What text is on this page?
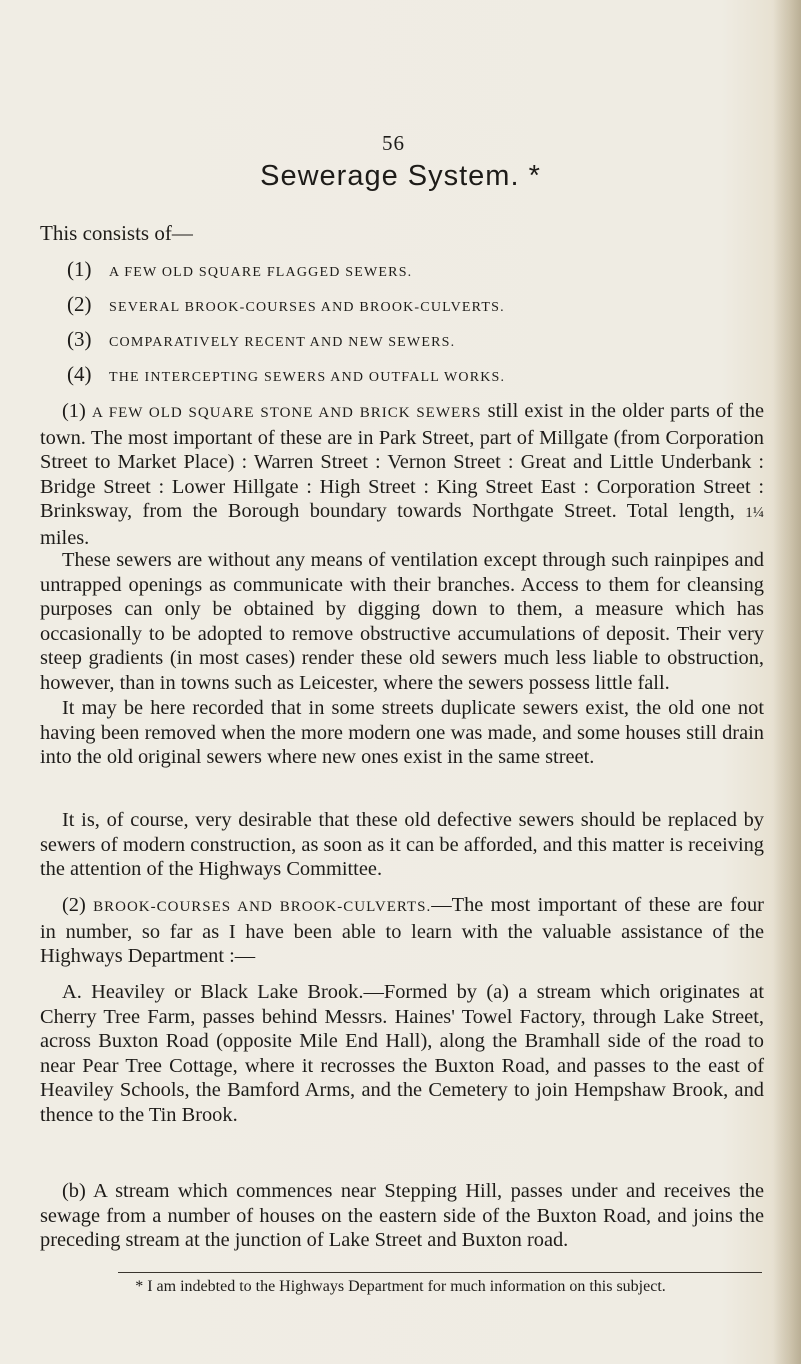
56
Sewerage System. *
This consists of—
(1) A FEW OLD SQUARE FLAGGED SEWERS.
(2) SEVERAL BROOK-COURSES AND BROOK-CULVERTS.
(3) COMPARATIVELY RECENT AND NEW SEWERS.
(4) THE INTERCEPTING SEWERS AND OUTFALL WORKS.
(1) A FEW OLD SQUARE STONE AND BRICK SEWERS still exist in the older parts of the town. The most important of these are in Park Street, part of Millgate (from Corporation Street to Market Place) : Warren Street : Vernon Street : Great and Little Underbank : Bridge Street : Lower Hillgate : High Street : King Street East : Corporation Street : Brinksway, from the Borough boundary towards Northgate Street. Total length, 1¼ miles.
These sewers are without any means of ventilation except through such rainpipes and untrapped openings as communicate with their branches. Access to them for cleansing purposes can only be obtained by digging down to them, a measure which has occasionally to be adopted to remove obstructive accumulations of deposit. Their very steep gradients (in most cases) render these old sewers much less liable to obstruction, however, than in towns such as Leicester, where the sewers possess little fall.
It may be here recorded that in some streets duplicate sewers exist, the old one not having been removed when the more modern one was made, and some houses still drain into the old original sewers where new ones exist in the same street.
It is, of course, very desirable that these old defective sewers should be replaced by sewers of modern construction, as soon as it can be afforded, and this matter is receiving the attention of the Highways Committee.
(2) BROOK-COURSES AND BROOK-CULVERTS.—The most important of these are four in number, so far as I have been able to learn with the valuable assistance of the Highways Department :—
A. Heaviley or Black Lake Brook.—Formed by (a) a stream which originates at Cherry Tree Farm, passes behind Messrs. Haines' Towel Factory, through Lake Street, across Buxton Road (opposite Mile End Hall), along the Bramhall side of the road to near Pear Tree Cottage, where it recrosses the Buxton Road, and passes to the east of Heaviley Schools, the Bamford Arms, and the Cemetery to join Hempshaw Brook, and thence to the Tin Brook.
(b) A stream which commences near Stepping Hill, passes under and receives the sewage from a number of houses on the eastern side of the Buxton Road, and joins the preceding stream at the junction of Lake Street and Buxton road.
* I am indebted to the Highways Department for much information on this subject.
